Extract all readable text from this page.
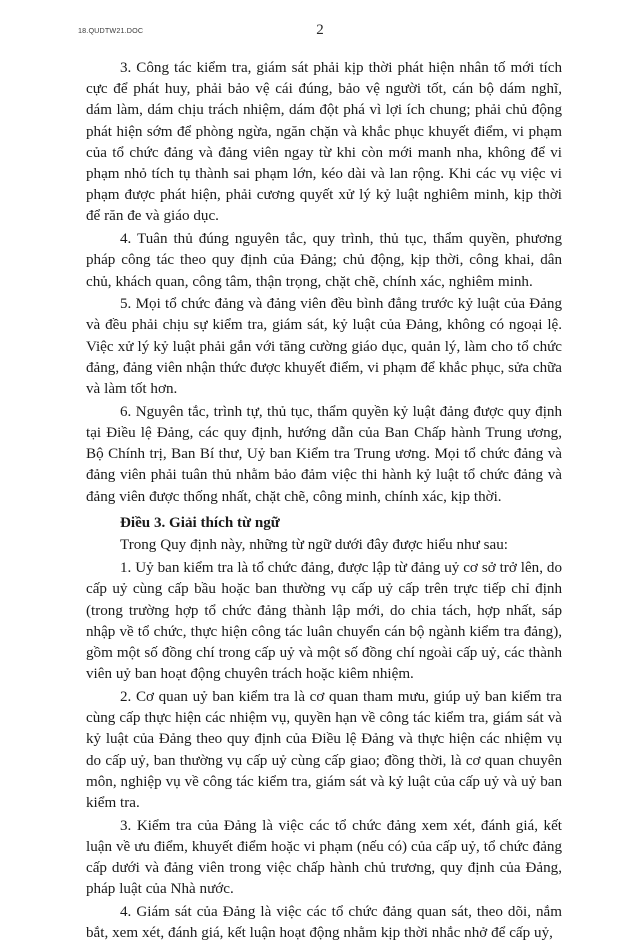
18.QUDTW21.DOC	2

3. Công tác kiểm tra, giám sát phải kịp thời phát hiện nhân tố mới tích cực để phát huy, phải bảo vệ cái đúng, bảo vệ người tốt, cán bộ dám nghĩ, dám làm, dám chịu trách nhiệm, dám đột phá vì lợi ích chung; phải chủ động phát hiện sớm để phòng ngừa, ngăn chặn và khắc phục khuyết điểm, vi phạm của tổ chức đảng và đảng viên ngay từ khi còn mới manh nha, không để vi phạm nhỏ tích tụ thành sai phạm lớn, kéo dài và lan rộng. Khi các vụ việc vi phạm được phát hiện, phải cương quyết xử lý kỷ luật nghiêm minh, kịp thời để răn đe và giáo dục.

4. Tuân thủ đúng nguyên tắc, quy trình, thủ tục, thẩm quyền, phương pháp công tác theo quy định của Đảng; chủ động, kịp thời, công khai, dân chủ, khách quan, công tâm, thận trọng, chặt chẽ, chính xác, nghiêm minh.

5. Mọi tổ chức đảng và đảng viên đều bình đẳng trước kỷ luật của Đảng và đều phải chịu sự kiểm tra, giám sát, kỷ luật của Đảng, không có ngoại lệ. Việc xử lý kỷ luật phải gắn với tăng cường giáo dục, quản lý, làm cho tổ chức đảng, đảng viên nhận thức được khuyết điểm, vi phạm để khắc phục, sửa chữa và làm tốt hơn.

6. Nguyên tắc, trình tự, thủ tục, thẩm quyền kỷ luật đảng được quy định tại Điều lệ Đảng, các quy định, hướng dẫn của Ban Chấp hành Trung ương, Bộ Chính trị, Ban Bí thư, Uỷ ban Kiểm tra Trung ương. Mọi tổ chức đảng và đảng viên phải tuân thủ nhằm bảo đảm việc thi hành kỷ luật tổ chức đảng và đảng viên được thống nhất, chặt chẽ, công minh, chính xác, kịp thời.

Điều 3. Giải thích từ ngữ

Trong Quy định này, những từ ngữ dưới đây được hiểu như sau:

1. Uỷ ban kiểm tra là tổ chức đảng, được lập từ đảng uỷ cơ sở trở lên, do cấp uỷ cùng cấp bầu hoặc ban thường vụ cấp uỷ cấp trên trực tiếp chỉ định (trong trường hợp tổ chức đảng thành lập mới, do chia tách, hợp nhất, sáp nhập về tổ chức, thực hiện công tác luân chuyển cán bộ ngành kiểm tra đảng), gồm một số đồng chí trong cấp uỷ và một số đồng chí ngoài cấp uỷ, các thành viên uỷ ban hoạt động chuyên trách hoặc kiêm nhiệm.

2. Cơ quan uỷ ban kiểm tra là cơ quan tham mưu, giúp uỷ ban kiểm tra cùng cấp thực hiện các nhiệm vụ, quyền hạn về công tác kiểm tra, giám sát và kỷ luật của Đảng theo quy định của Điều lệ Đảng và thực hiện các nhiệm vụ do cấp uỷ, ban thường vụ cấp uỷ cùng cấp giao; đồng thời, là cơ quan chuyên môn, nghiệp vụ về công tác kiểm tra, giám sát và kỷ luật của cấp uỷ và uỷ ban kiểm tra.

3. Kiểm tra của Đảng là việc các tổ chức đảng xem xét, đánh giá, kết luận về ưu điểm, khuyết điểm hoặc vi phạm (nếu có) của cấp uỷ, tổ chức đảng cấp dưới và đảng viên trong việc chấp hành chủ trương, quy định của Đảng, pháp luật của Nhà nước.

4. Giám sát của Đảng là việc các tổ chức đảng quan sát, theo dõi, nắm bắt, xem xét, đánh giá, kết luận hoạt động nhằm kịp thời nhắc nhở để cấp uỷ,
